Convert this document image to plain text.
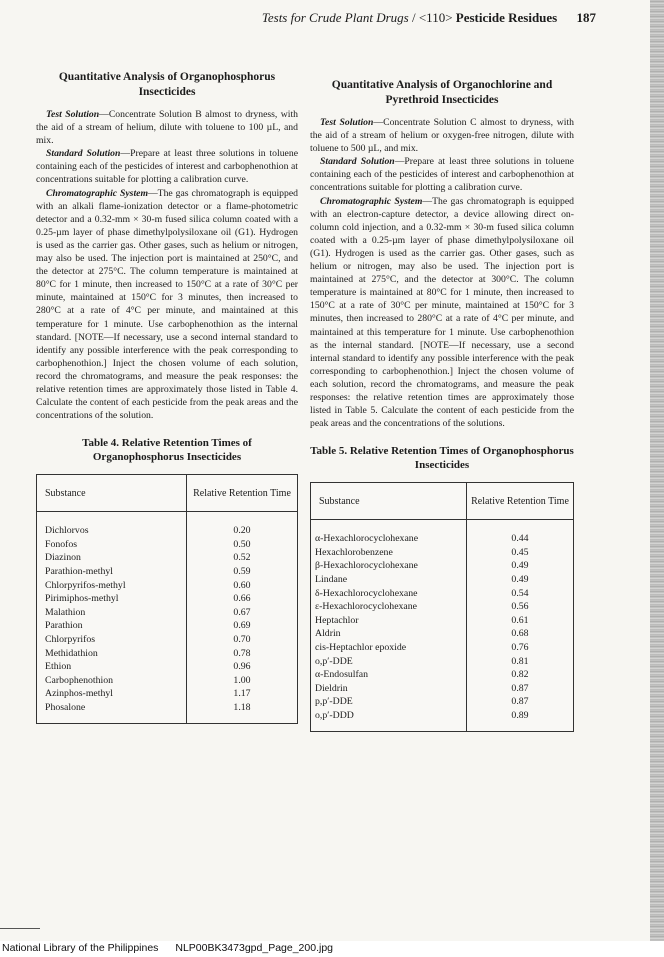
Tests for Crude Plant Drugs / <110> Pesticide Residues 187
Quantitative Analysis of Organophosphorus Insecticides

Test Solution—Concentrate Solution B almost to dryness, with the aid of a stream of helium, dilute with toluene to 100 µL, and mix.

Standard Solution—Prepare at least three solutions in toluene containing each of the pesticides of interest and carbophenothion at concentrations suitable for plotting a calibration curve.

Chromatographic System—The gas chromatograph is equipped with an alkali flame-ionization detector or a flame-photometric detector and a 0.32-mm × 30-m fused silica column coated with a 0.25-µm layer of phase dimethylpolysiloxane oil (G1). Hydrogen is used as the carrier gas. Other gases, such as helium or nitrogen, may also be used. The injection port is maintained at 250°C, and the detector at 275°C. The column temperature is maintained at 80°C for 1 minute, then increased to 150°C at a rate of 30°C per minute, maintained at 150°C for 3 minutes, then increased to 280°C at a rate of 4°C per minute, and maintained at this temperature for 1 minute. Use carbophenothion as the internal standard. [NOTE—If necessary, use a second internal standard to identify any possible interference with the peak corresponding to carbophenothion.] Inject the chosen volume of each solution, record the chromatograms, and measure the peak responses: the relative retention times are approximately those listed in Table 4. Calculate the content of each pesticide from the peak areas and the concentrations of the solution.

Table 4. Relative Retention Times of Organophosphorus Insecticides
Substance	Relative Retention Time
Dichlorvos
Fonofos
Diazinon
Parathion-methyl
Chlorpyrifos-methyl
Pirimiphos-methyl
Malathion
Parathion
Chlorpyrifos
Methidathion
Ethion
Carbophenothion
Azinphos-methyl
Phosalone
0.20
0.50
0.52
0.59
0.60
0.66
0.67
0.69
0.70
0.78
0.96
1.00
1.17
1.18
Quantitative Analysis of Organochlorine and Pyrethroid Insecticides

Test Solution—Concentrate Solution C almost to dryness, with the aid of a stream of helium or oxygen-free nitrogen, dilute with toluene to 500 µL, and mix.

Standard Solution—Prepare at least three solutions in toluene containing each of the pesticides of interest and carbophenothion at concentrations suitable for plotting a calibration curve.

Chromatographic System—The gas chromatograph is equipped with an electron-capture detector, a device allowing direct on-column cold injection, and a 0.32-mm × 30-m fused silica column coated with a 0.25-µm layer of phase dimethylpolysiloxane oil (G1). Hydrogen is used as the carrier gas. Other gases, such as helium or nitrogen, may also be used. The injection port is maintained at 275°C, and the detector at 300°C. The column temperature is maintained at 80°C for 1 minute, then increased to 150°C at a rate of 30°C per minute, maintained at 150°C for 3 minutes, then increased to 280°C at a rate of 4°C per minute, and maintained at this temperature for 1 minute. Use carbophenothion as the internal standard. [NOTE—If necessary, use a second internal standard to identify any possible interference with the peak corresponding to carbophenothion.] Inject the chosen volume of each solution, record the chromatograms, and measure the peak responses: the relative retention times are approximately those listed in Table 5. Calculate the content of each pesticide from the peak areas and the concentrations of the solutions.

Table 5. Relative Retention Times of Organophosphorus Insecticides
Substance	Relative Retention Time
α-Hexachlorocyclohexane
Hexachlorobenzene
β-Hexachlorocyclohexane
Lindane
δ-Hexachlorocyclohexane
ε-Hexachlorocyclohexane
Heptachlor
Aldrin
cis-Heptachlor epoxide
o,p′-DDE
α-Endosulfan
Dieldrin
p,p′-DDE
o,p′-DDD
0.44
0.45
0.49
0.49
0.54
0.56
0.61
0.68
0.76
0.81
0.82
0.87
0.87
0.89
National Library of the Philippines NLP00BK3473gpd_Page_200.jpg
